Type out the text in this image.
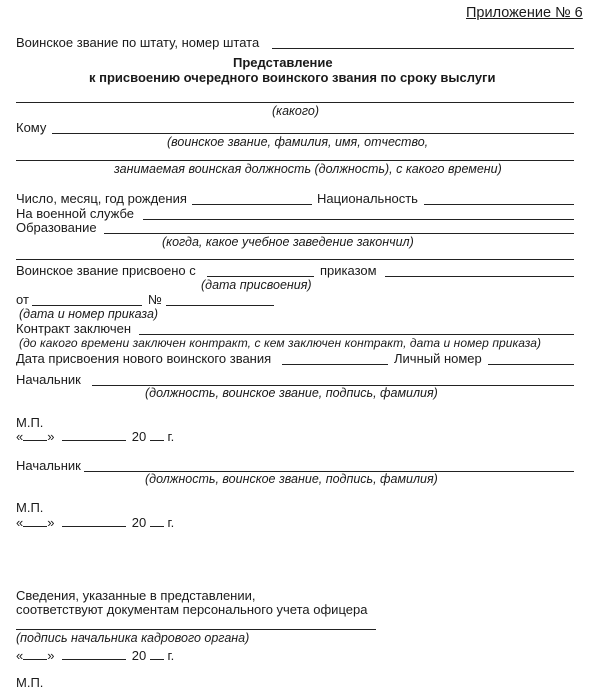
Приложение № 6
Воинское звание по штату, номер штата
Представление
к присвоению очередного воинского звания по сроку выслуги
(какого)
Кому
(воинское звание, фамилия, имя, отчество,
занимаемая воинская должность (должность), с какого времени)
Число, месяц, год рождения	Национальность
На военной службе
Образование
(когда, какое учебное заведение закончил)
Воинское звание присвоено с	приказом
(дата присвоения)
от	№
(дата и номер приказа)
Контракт заключен
(до какого времени заключен контракт, с кем заключен контракт, дата и номер приказа)
Дата присвоения нового воинского звания	Личный номер
Начальник
(должность, воинское звание, подпись, фамилия)
М.П.
« »	20 г.
Начальник
(должность, воинское звание, подпись, фамилия)
М.П.
« »	20 г.
Сведения, указанные в представлении,
соответствуют документам персонального учета офицера
(подпись начальника кадрового органа)
« »	20 г.
М.П.
